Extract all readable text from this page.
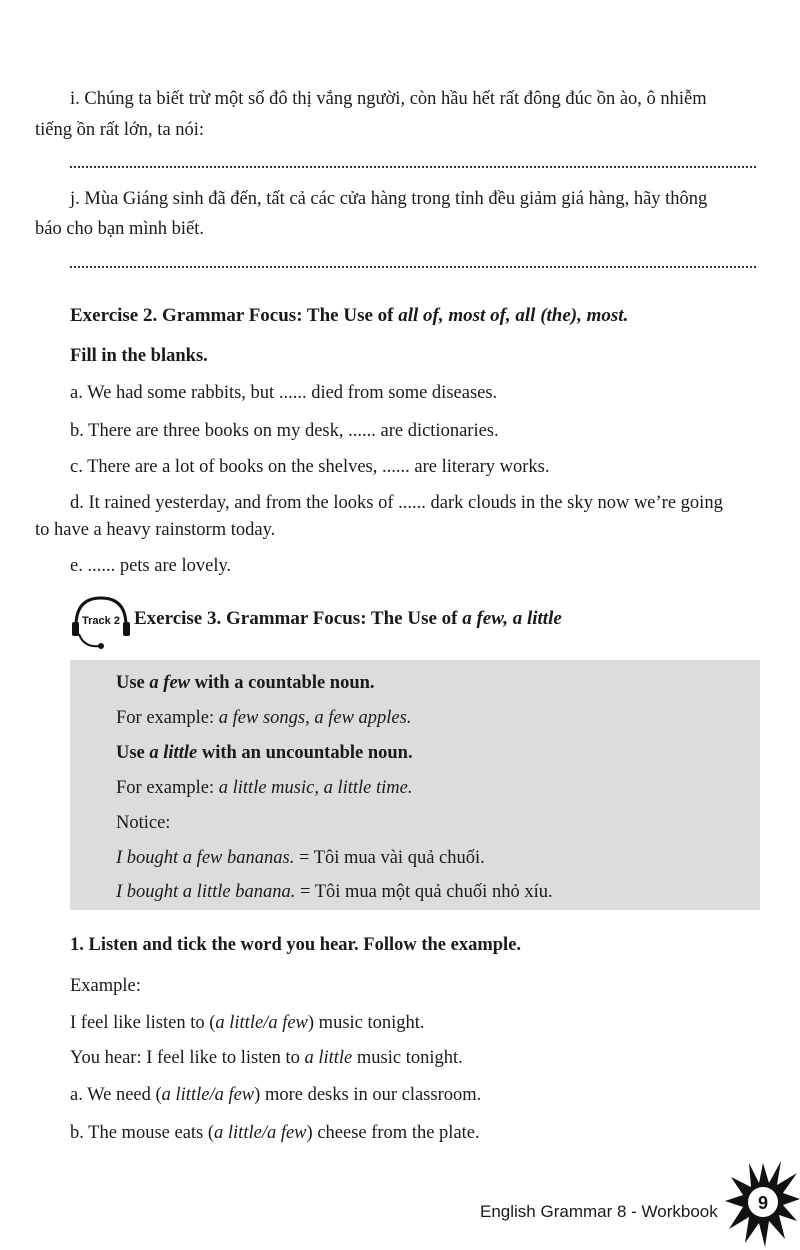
i. Chúng ta biết trừ một số đô thị vắng người, còn hầu hết rất đông đúc ồn ào, ô nhiễm
tiếng ồn rất lớn, ta nói:
j. Mùa Giáng sinh đã đến, tất cả các cửa hàng trong tỉnh đều giảm giá hàng, hãy thông
báo cho bạn mình biết.
Exercise 2. Grammar Focus: The Use of all of, most of, all (the), most.
Fill in the blanks.
a. We had some rabbits, but ...... died from some diseases.
b. There are three books on my desk, ...... are dictionaries.
c. There are a lot of books on the shelves, ...... are literary works.
d. It rained yesterday, and from the looks of ...... dark clouds in the sky now we’re going
to have a heavy rainstorm today.
e. ...... pets are lovely.
Track 2 Exercise 3. Grammar Focus: The Use of a few, a little
Use a few with a countable noun.
For example: a few songs, a few apples.
Use a little with an uncountable noun.
For example: a little music, a little time.
Notice:
I bought a few bananas. = Tôi mua vài quả chuối.
I bought a little banana. = Tôi mua một quả chuối nhỏ xíu.
1. Listen and tick the word you hear. Follow the example.
Example:
I feel like listen to (a little/a few) music tonight.
You hear: I feel like to listen to a little music tonight.
a. We need (a little/a few) more desks in our classroom.
b. The mouse eats (a little/a few) cheese from the plate.
English Grammar 8 - Workbook 9
